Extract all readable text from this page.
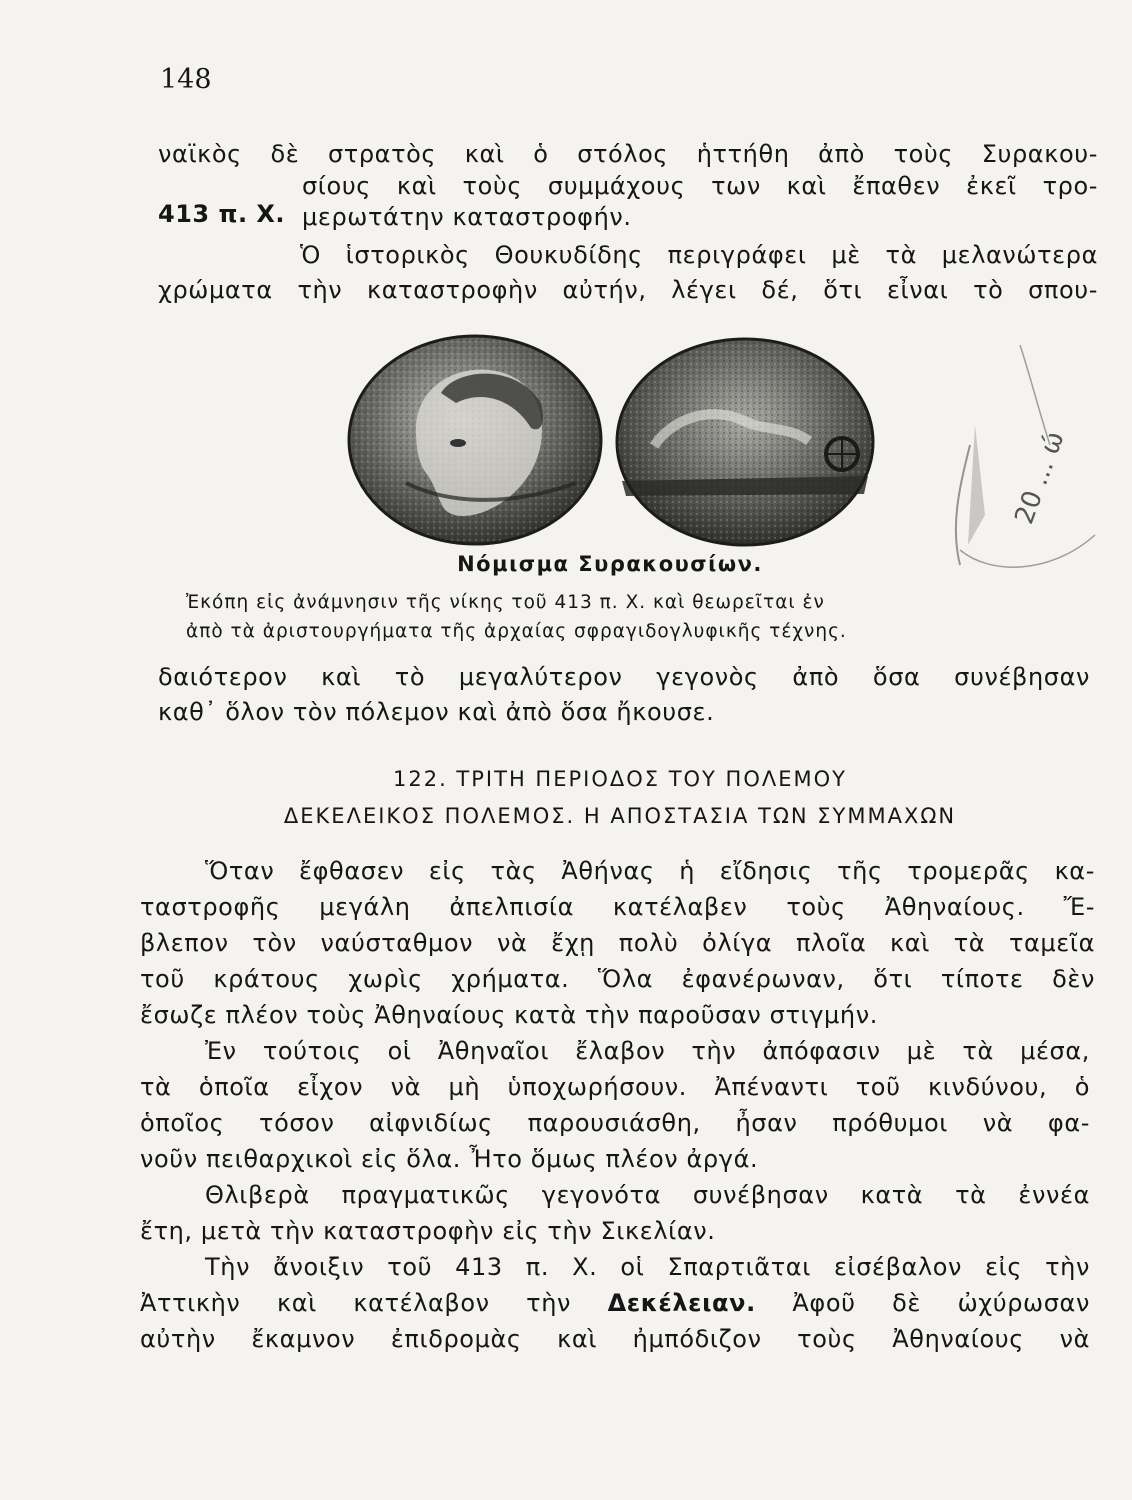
148
ναϊκὸς δὲ στρατὸς καὶ ὁ στόλος ἡττήθη ἀπὸ τοὺς Συρακου-
σίους καὶ τοὺς συμμάχους των καὶ ἔπαθεν ἐκεῖ τρο-
413 π. Χ. μερωτάτην καταστροφήν.
Ὁ ἱστορικὸς Θουκυδίδης περιγράφει μὲ τὰ μελανώτερα
χρώματα τὴν καταστροφὴν αὐτήν, λέγει δέ, ὅτι εἶναι τὸ σπου-
20 ... ώ
Νόμισμα Συρακουσίων.
Ἐκόπη εἰς ἀνάμνησιν τῆς νίκης τοῦ 413 π. Χ. καὶ θεωρεῖται ἐν
ἀπὸ τὰ ἀριστουργήματα τῆς ἀρχαίας σφραγιδογλυφικῆς τέχνης.
δαιότερον καὶ τὸ μεγαλύτερον γεγονὸς ἀπὸ ὅσα συνέβησαν
καθ᾽ ὅλον τὸν πόλεμον καὶ ἀπὸ ὅσα ἤκουσε.
122. ΤΡΙΤΗ ΠΕΡΙΟΔΟΣ ΤΟΥ ΠΟΛΕΜΟΥ
ΔΕΚΕΛΕΙΚΟΣ ΠΟΛΕΜΟΣ. Η ΑΠΟΣΤΑΣΙΑ ΤΩΝ ΣΥΜΜΑΧΩΝ
Ὅταν ἔφθασεν εἰς τὰς Ἀθήνας ἡ εἴδησις τῆς τρομερᾶς κα-
ταστροφῆς μεγάλη ἀπελπισία κατέλαβεν τοὺς Ἀθηναίους. Ἔ-
βλεπον τὸν ναύσταθμον νὰ ἔχῃ πολὺ ὀλίγα πλοῖα καὶ τὰ ταμεῖα
τοῦ κράτους χωρὶς χρήματα. Ὅλα ἐφανέρωναν, ὅτι τίποτε δὲν
ἔσωζε πλέον τοὺς Ἀθηναίους κατὰ τὴν παροῦσαν στιγμήν.
Ἐν τούτοις οἱ Ἀθηναῖοι ἔλαβον τὴν ἀπόφασιν μὲ τὰ μέσα,
τὰ ὁποῖα εἶχον νὰ μὴ ὑποχωρήσουν. Ἀπέναντι τοῦ κινδύνου, ὁ
ὁποῖος τόσον αἰφνιδίως παρουσιάσθη, ἦσαν πρόθυμοι νὰ φα-
νοῦν πειθαρχικοὶ εἰς ὅλα. Ἦτο ὅμως πλέον ἀργά.
Θλιβερὰ πραγματικῶς γεγονότα συνέβησαν κατὰ τὰ ἐννέα
ἔτη, μετὰ τὴν καταστροφὴν εἰς τὴν Σικελίαν.
Τὴν ἄνοιξιν τοῦ 413 π. Χ. οἱ Σπαρτιᾶται εἰσέβαλον εἰς τὴν
Ἀττικὴν καὶ κατέλαβον τὴν Δεκέλειαν. Ἀφοῦ δὲ ὠχύρωσαν
αὐτὴν ἔκαμνον ἐπιδρομὰς καὶ ἠμπόδιζον τοὺς Ἀθηναίους νὰ
